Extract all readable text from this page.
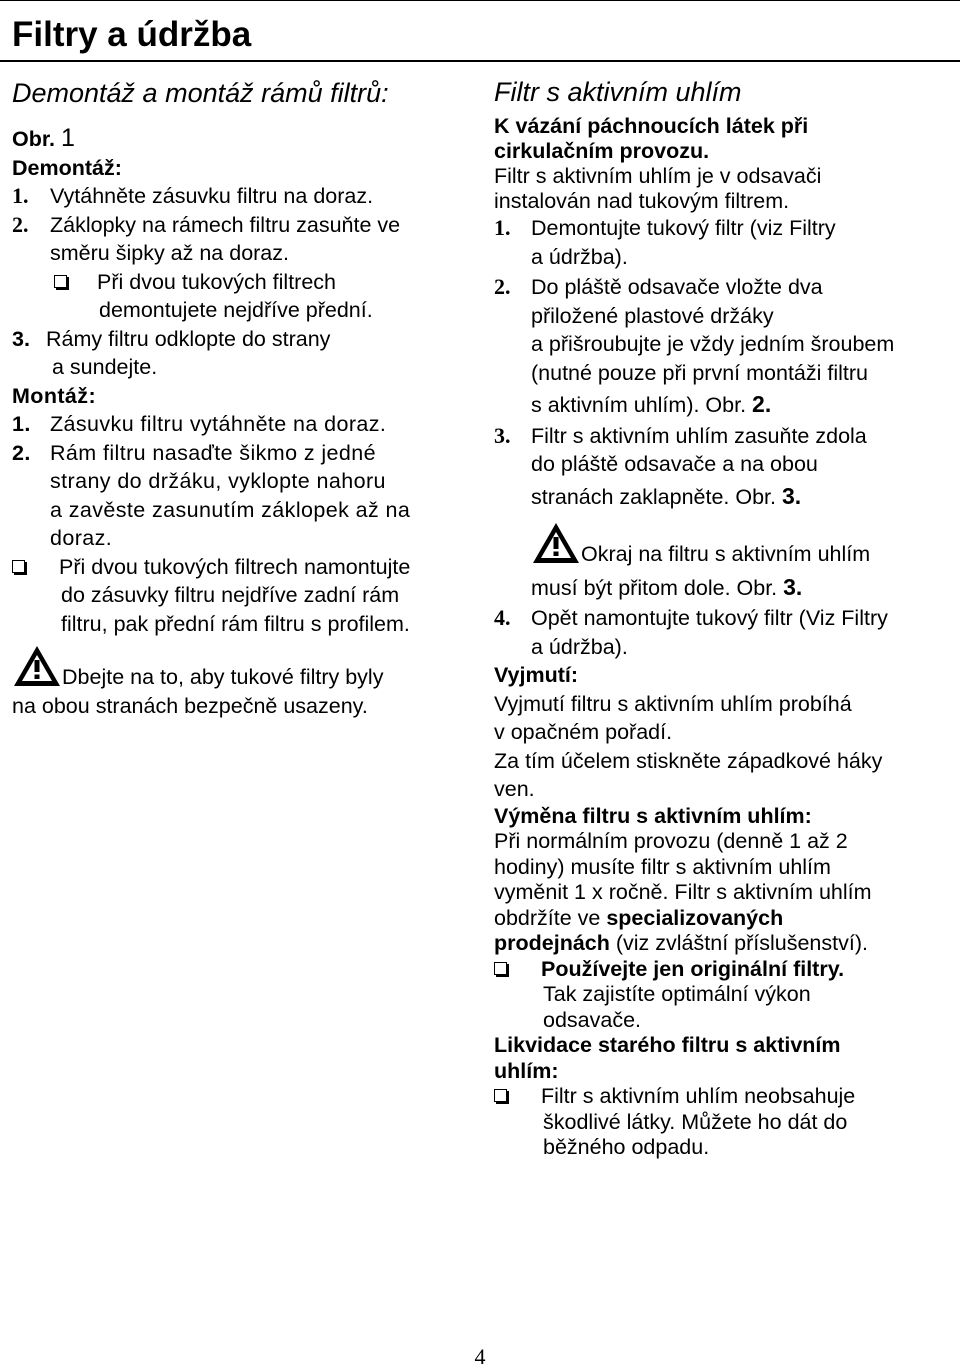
Filtry a údržba
Demontáž a montáž rámů filtrů:
Obr. 1
Demontáž:
1. Vytáhněte zásuvku filtru na doraz.
2. Záklopky na rámech filtru zasuňte ve
směru šipky až na doraz.
Při dvou tukových filtrech
demontujete nejdříve přední.
3. Rámy filtru odklopte do strany
a sundejte.
Montáž:
1. Zásuvku filtru vytáhněte na doraz.
2. Rám filtru nasaďte šikmo z jedné
strany do držáku, vyklopte nahoru
a zavěste zasunutím záklopek až na
doraz.
Při dvou tukových filtrech namontujte
do zásuvky filtru nejdříve zadní rám
filtru, pak přední rám filtru s profilem.
Dbejte na to, aby tukové filtry byly
na obou stranách bezpečně usazeny.
Filtr s aktivním uhlím
K vázání páchnoucích látek při
cirkulačním provozu.
Filtr s aktivním uhlím je v odsavači
instalován nad tukovým filtrem.
1. Demontujte tukový filtr (viz Filtry
a údržba).
2. Do pláště odsavače vložte dva
přiložené plastové držáky
a přišroubujte je vždy jedním šroubem
(nutné pouze při první montáži filtru
s aktivním uhlím). Obr. 2.
3. Filtr s aktivním uhlím zasuňte zdola
do pláště odsavače a na obou
stranách zaklapněte. Obr. 3.
Okraj na filtru s aktivním uhlím
musí být přitom dole. Obr. 3.
4. Opět namontujte tukový filtr (Viz Filtry
a údržba).
Vyjmutí:
Vyjmutí filtru s aktivním uhlím probíhá
v opačném pořadí.
Za tím účelem stiskněte západkové háky
ven.
Výměna filtru s aktivním uhlím:
Při normálním provozu (denně 1 až 2
hodiny) musíte filtr s aktivním uhlím
vyměnit 1 x ročně. Filtr s aktivním uhlím
obdržíte ve specializovaných
prodejnách (viz zvláštní příslušenství).
Používejte jen originální filtry.
Tak zajistíte optimální výkon
odsavače.
Likvidace starého filtru s aktivním
uhlím:
Filtr s aktivním uhlím neobsahuje
škodlivé látky. Můžete ho dát do
běžného odpadu.
4
